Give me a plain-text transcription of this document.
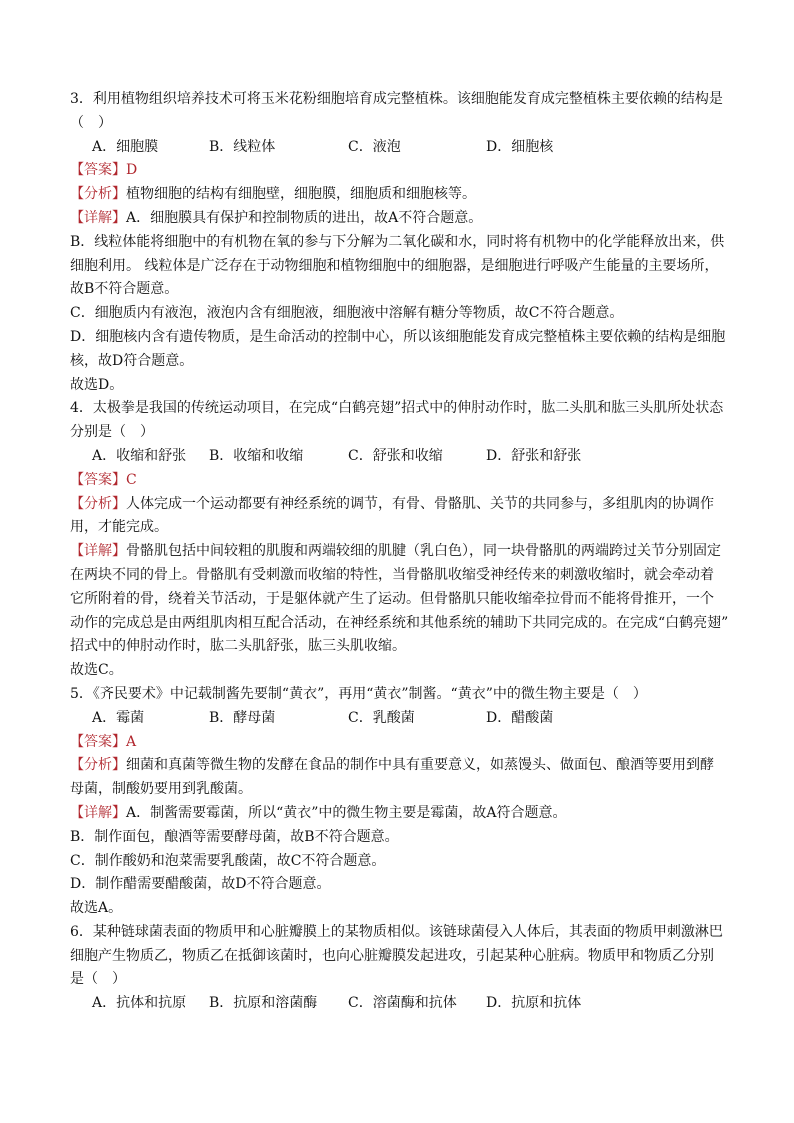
3．利用植物组织培养技术可将玉米花粉细胞培育成完整植株。该细胞能发育成完整植株主要依赖的结构是
（　）
A．细胞膜	B．线粒体	C．液泡	D．细胞核
【答案】D
【分析】植物细胞的结构有细胞壁，细胞膜，细胞质和细胞核等。
【详解】A．细胞膜具有保护和控制物质的进出，故A不符合题意。
B．线粒体能将细胞中的有机物在氧的参与下分解为二氧化碳和水，同时将有机物中的化学能释放出来，供
细胞利用。 线粒体是广泛存在于动物细胞和植物细胞中的细胞器，是细胞进行呼吸产生能量的主要场所，
故B不符合题意。
C．细胞质内有液泡，液泡内含有细胞液，细胞液中溶解有糖分等物质，故C不符合题意。
D．细胞核内含有遗传物质，是生命活动的控制中心，所以该细胞能发育成完整植株主要依赖的结构是细胞
核，故D符合题意。
故选D。
4．太极拳是我国的传统运动项目，在完成“白鹤亮翅”招式中的伸肘动作时，肱二头肌和肱三头肌所处状态
分别是（　）
A．收缩和舒张	B．收缩和收缩	C．舒张和收缩	D．舒张和舒张
【答案】C
【分析】人体完成一个运动都要有神经系统的调节，有骨、骨骼肌、关节的共同参与，多组肌肉的协调作
用，才能完成。
【详解】骨骼肌包括中间较粗的肌腹和两端较细的肌腱（乳白色），同一块骨骼肌的两端跨过关节分别固定
在两块不同的骨上。骨骼肌有受刺激而收缩的特性，当骨骼肌收缩受神经传来的刺激收缩时，就会牵动着
它所附着的骨，绕着关节活动，于是躯体就产生了运动。但骨骼肌只能收缩牵拉骨而不能将骨推开，一个
动作的完成总是由两组肌肉相互配合活动，在神经系统和其他系统的辅助下共同完成的。在完成“白鹤亮翅”
招式中的伸肘动作时，肱二头肌舒张，肱三头肌收缩。
故选C。
5．《齐民要术》中记载制酱先要制“黄衣”，再用“黄衣”制酱。“黄衣”中的微生物主要是（　）
A．霉菌	B．酵母菌	C．乳酸菌	D．醋酸菌
【答案】A
【分析】细菌和真菌等微生物的发酵在食品的制作中具有重要意义，如蒸馒头、做面包、酿酒等要用到酵
母菌，制酸奶要用到乳酸菌。
【详解】A．制酱需要霉菌，所以“黄衣”中的微生物主要是霉菌，故A符合题意。
B．制作面包，酿酒等需要酵母菌，故B不符合题意。
C．制作酸奶和泡菜需要乳酸菌，故C不符合题意。
D．制作醋需要醋酸菌，故D不符合题意。
故选A。
6．某种链球菌表面的物质甲和心脏瓣膜上的某物质相似。该链球菌侵入人体后，其表面的物质甲刺激淋巴
细胞产生物质乙，物质乙在抵御该菌时，也向心脏瓣膜发起进攻，引起某种心脏病。物质甲和物质乙分别
是（　）
A．抗体和抗原	B．抗原和溶菌酶	C．溶菌酶和抗体	D．抗原和抗体
